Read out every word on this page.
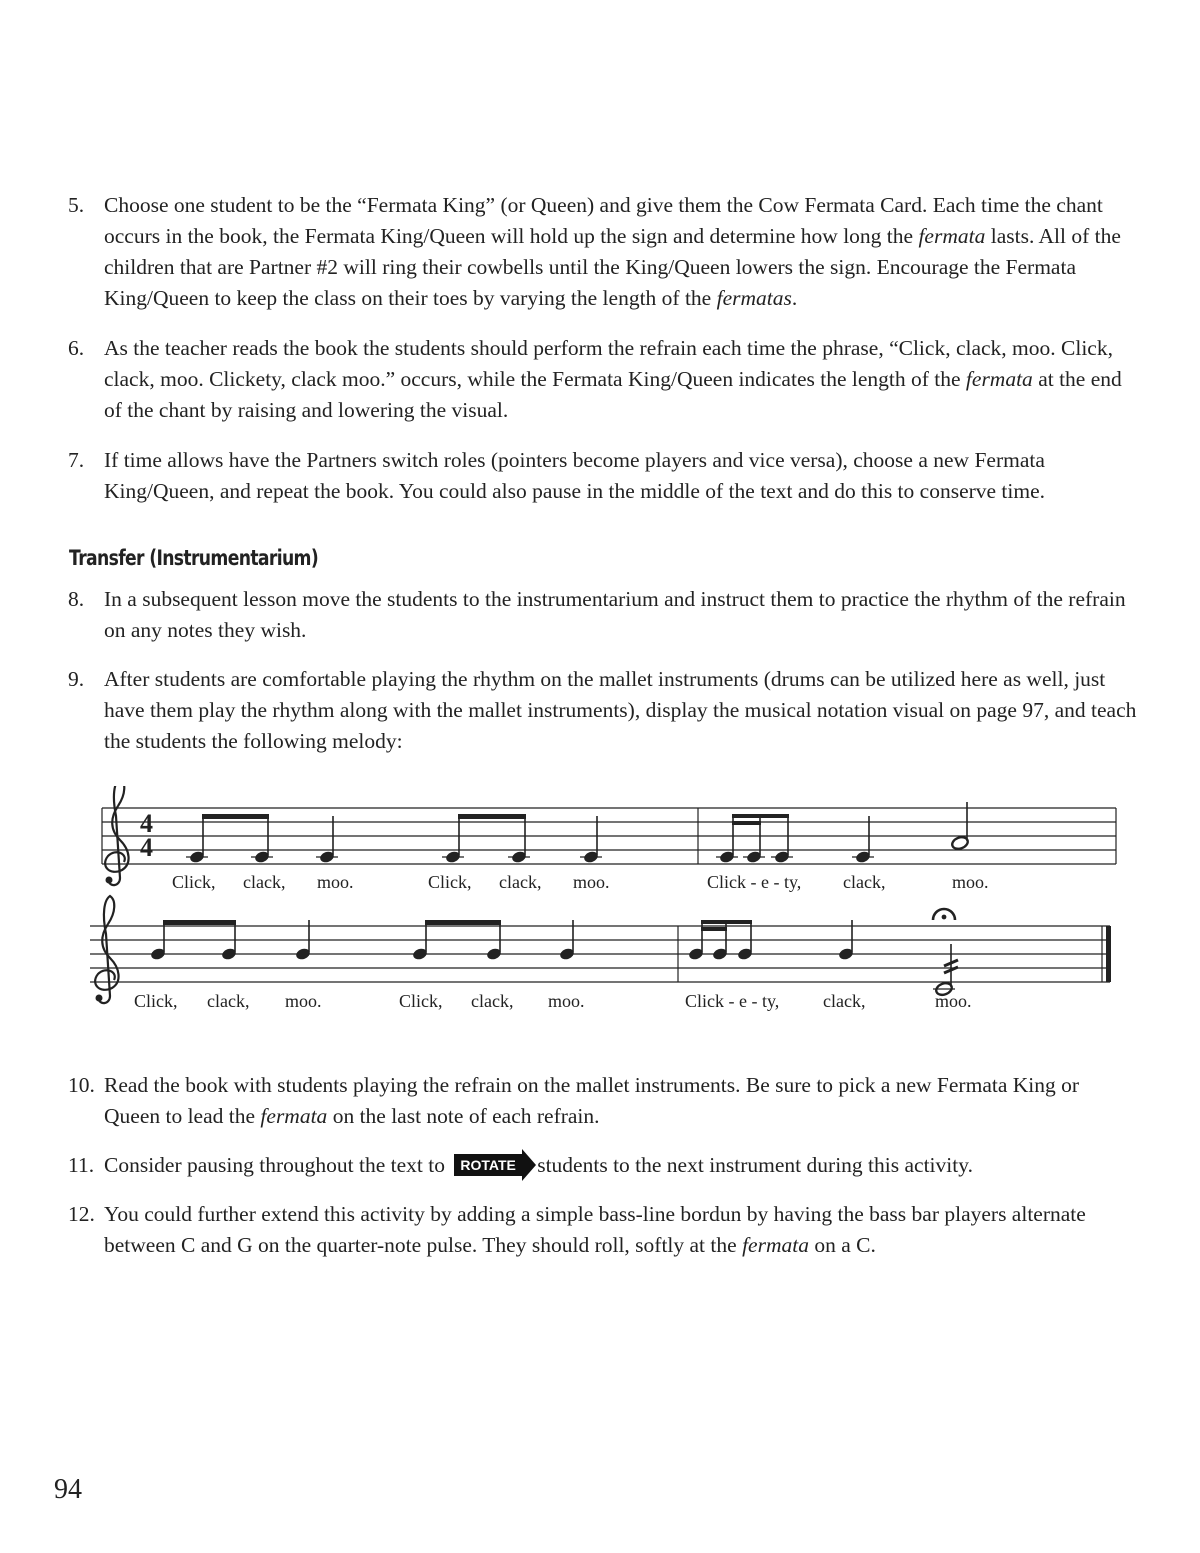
5. Choose one student to be the “Fermata King” (or Queen) and give them the Cow Fermata Card. Each time the chant occurs in the book, the Fermata King/Queen will hold up the sign and determine how long the fermata lasts. All of the children that are Partner #2 will ring their cowbells until the King/Queen lowers the sign. Encourage the Fermata King/Queen to keep the class on their toes by varying the length of the fermatas.
6. As the teacher reads the book the students should perform the refrain each time the phrase, “Click, clack, moo. Click, clack, moo. Clickety, clack moo.” occurs, while the Fermata King/Queen indicates the length of the fermata at the end of the chant by raising and lowering the visual.
7. If time allows have the Partners switch roles (pointers become players and vice versa), choose a new Fermata King/Queen, and repeat the book. You could also pause in the middle of the text and do this to conserve time.
Transfer (Instrumentarium)
8. In a subsequent lesson move the students to the instrumentarium and instruct them to practice the rhythm of the refrain on any notes they wish.
9. After students are comfortable playing the rhythm on the mallet instruments (drums can be utilized here as well, just have them play the rhythm along with the mallet instruments), display the musical notation visual on page 97, and teach the students the following melody:
4
4
Click, clack, moo.	Click, clack, moo.	Click - e - ty, clack,	moo.
Click, clack, moo.	Click, clack, moo.	Click - e - ty, clack,	moo.
10. Read the book with students playing the refrain on the mallet instruments. Be sure to pick a new Fermata King or Queen to lead the fermata on the last note of each refrain.
11. Consider pausing throughout the text to ROTATE students to the next instrument during this activity.
12. You could further extend this activity by adding a simple bass-line bordun by having the bass bar players alternate between C and G on the quarter-note pulse. They should roll, softly at the fermata on a C.
94
